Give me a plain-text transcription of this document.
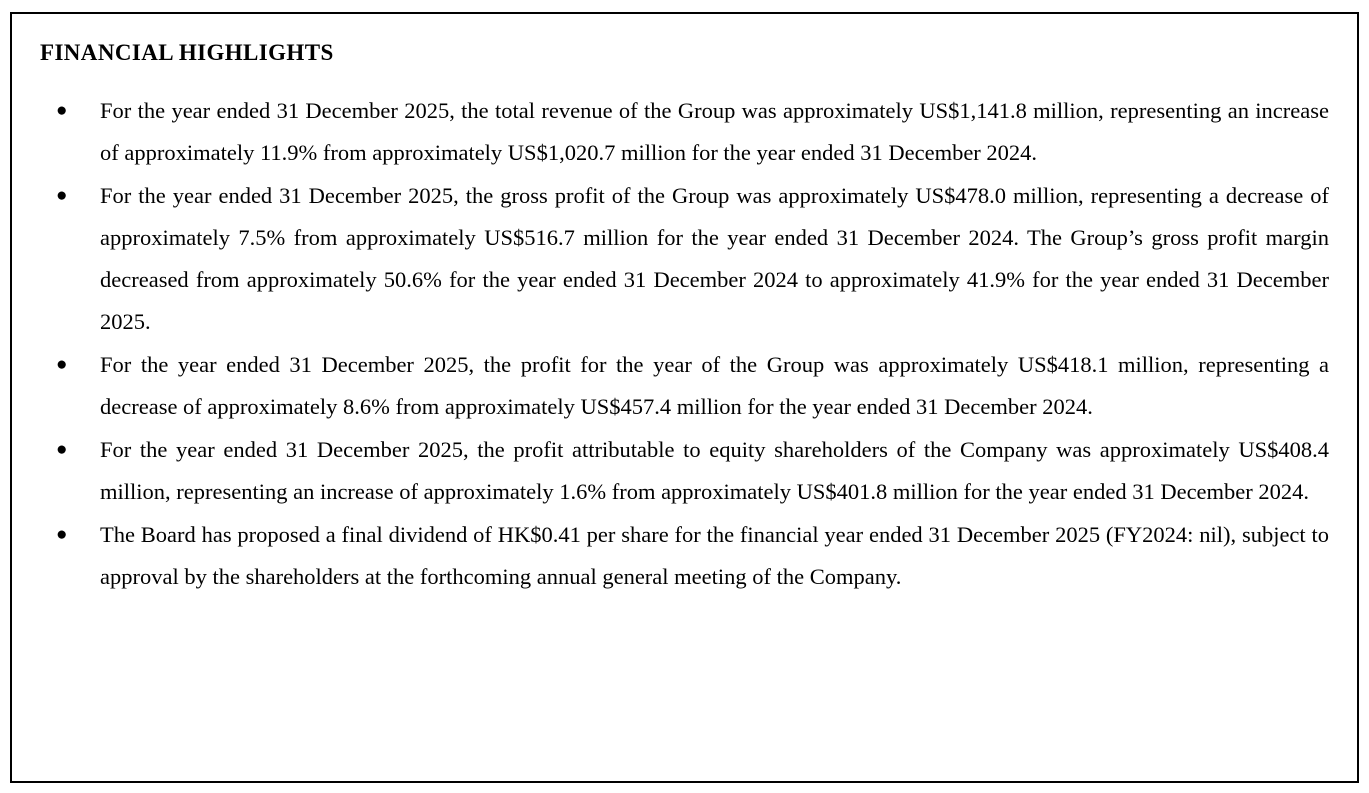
FINANCIAL HIGHLIGHTS
● For the year ended 31 December 2025, the total revenue of the Group was approximately US$1,141.8 million, representing an increase of approximately 11.9% from approximately US$1,020.7 million for the year ended 31 December 2024.
● For the year ended 31 December 2025, the gross profit of the Group was approximately US$478.0 million, representing a decrease of approximately 7.5% from approximately US$516.7 million for the year ended 31 December 2024. The Group’s gross profit margin decreased from approximately 50.6% for the year ended 31 December 2024 to approximately 41.9% for the year ended 31 December 2025.
● For the year ended 31 December 2025, the profit for the year of the Group was approximately US$418.1 million, representing a decrease of approximately 8.6% from approximately US$457.4 million for the year ended 31 December 2024.
● For the year ended 31 December 2025, the profit attributable to equity shareholders of the Company was approximately US$408.4 million, representing an increase of approximately 1.6% from approximately US$401.8 million for the year ended 31 December 2024.
● The Board has proposed a final dividend of HK$0.41 per share for the financial year ended 31 December 2025 (FY2024: nil), subject to approval by the shareholders at the forthcoming annual general meeting of the Company.
